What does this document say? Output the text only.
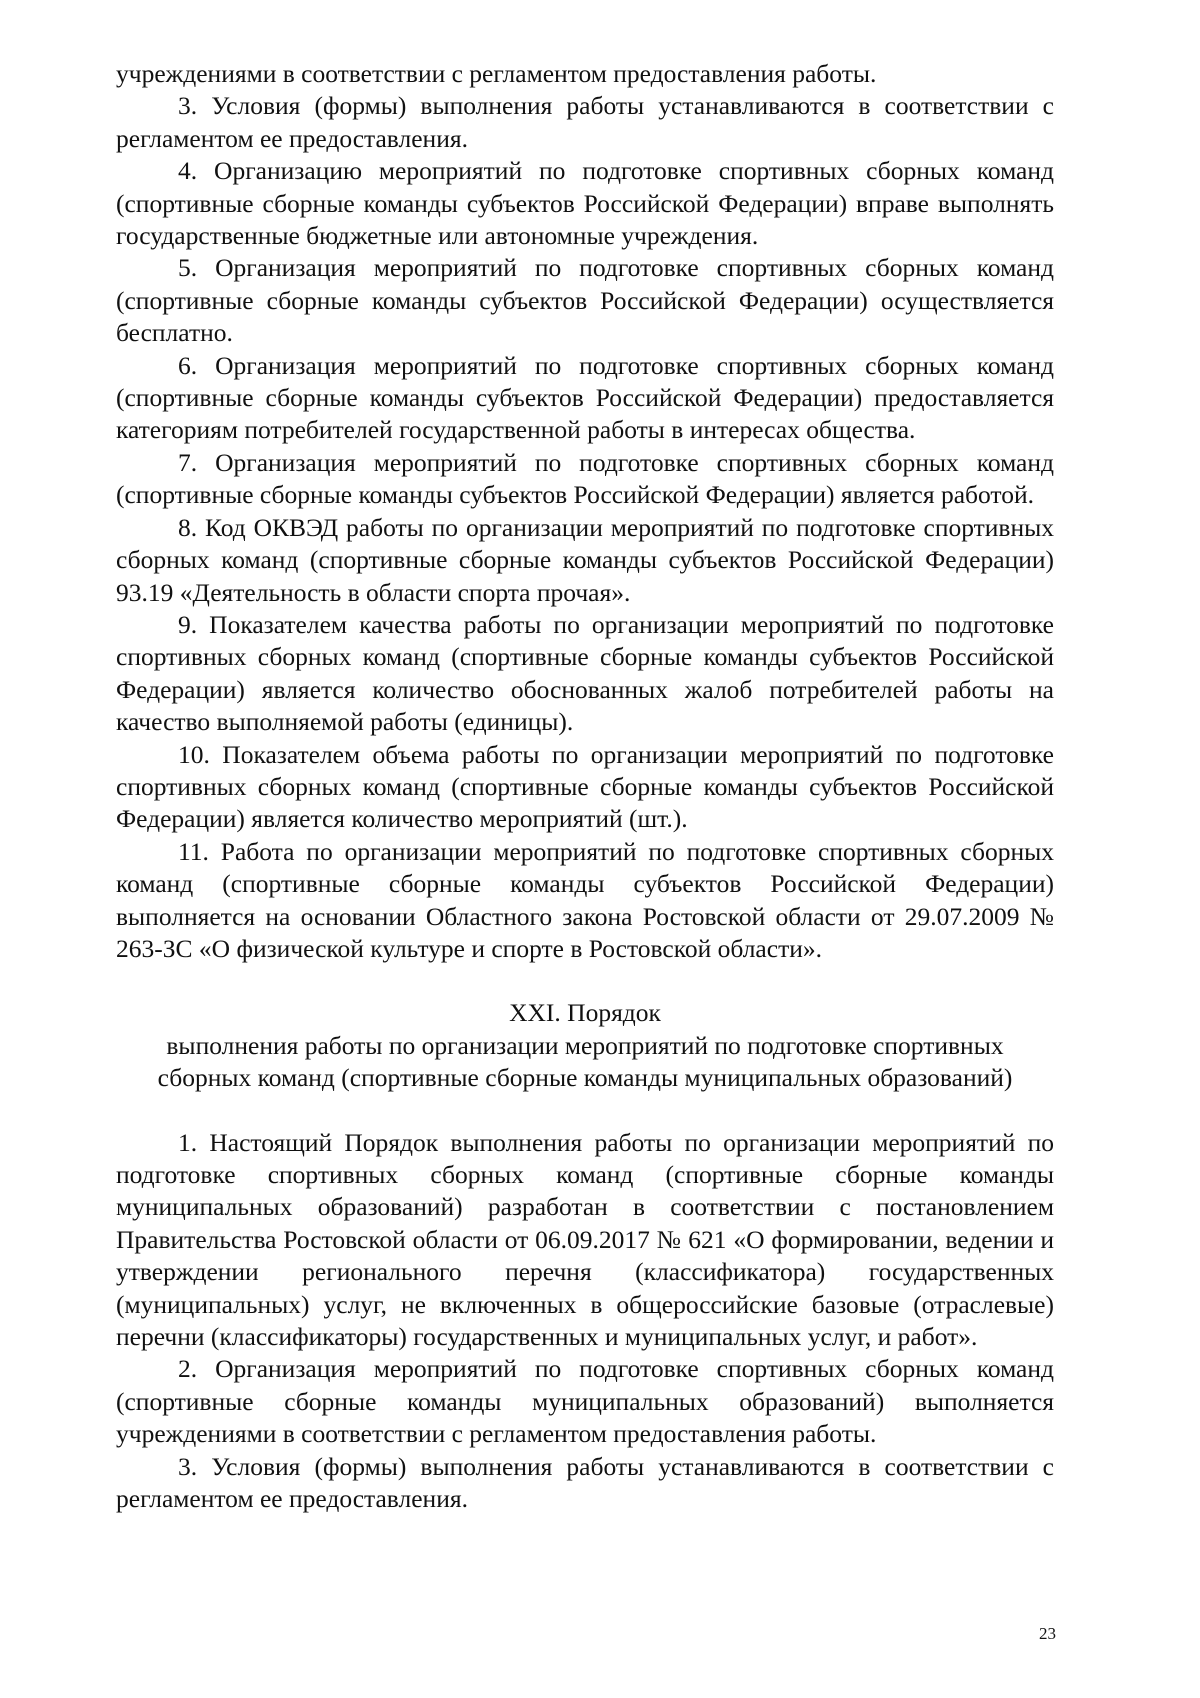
учреждениями в соответствии с регламентом предоставления работы.

3. Условия (формы) выполнения работы устанавливаются в соответствии с регламентом ее предоставления.

4. Организацию мероприятий по подготовке спортивных сборных команд (спортивные сборные команды субъектов Российской Федерации) вправе выполнять государственные бюджетные или автономные учреждения.

5. Организация мероприятий по подготовке спортивных сборных команд (спортивные сборные команды субъектов Российской Федерации) осуществляется бесплатно.

6. Организация мероприятий по подготовке спортивных сборных команд (спортивные сборные команды субъектов Российской Федерации) предоставляется категориям потребителей государственной работы в интересах общества.

7. Организация мероприятий по подготовке спортивных сборных команд (спортивные сборные команды субъектов Российской Федерации) является работой.

8. Код ОКВЭД работы по организации мероприятий по подготовке спортивных сборных команд (спортивные сборные команды субъектов Российской Федерации) 93.19 «Деятельность в области спорта прочая».

9. Показателем качества работы по организации мероприятий по подготовке спортивных сборных команд (спортивные сборные команды субъектов Российской Федерации) является количество обоснованных жалоб потребителей работы на качество выполняемой работы (единицы).

10. Показателем объема работы по организации мероприятий по подготовке спортивных сборных команд (спортивные сборные команды субъектов Российской Федерации) является количество мероприятий (шт.).

11. Работа по организации мероприятий по подготовке спортивных сборных команд (спортивные сборные команды субъектов Российской Федерации) выполняется на основании Областного закона Ростовской области от 29.07.2009 № 263-ЗС «О физической культуре и спорте в Ростовской области».

XXI. Порядок
выполнения работы по организации мероприятий по подготовке спортивных
сборных команд (спортивные сборные команды муниципальных образований)

1. Настоящий Порядок выполнения работы по организации мероприятий по подготовке спортивных сборных команд (спортивные сборные команды муниципальных образований) разработан в соответствии с постановлением Правительства Ростовской области от 06.09.2017 № 621 «О формировании, ведении и утверждении регионального перечня (классификатора) государственных (муниципальных) услуг, не включенных в общероссийские базовые (отраслевые) перечни (классификаторы) государственных и муниципальных услуг, и работ».

2. Организация мероприятий по подготовке спортивных сборных команд (спортивные сборные команды муниципальных образований) выполняется учреждениями в соответствии с регламентом предоставления работы.

3. Условия (формы) выполнения работы устанавливаются в соответствии с регламентом ее предоставления.

23
